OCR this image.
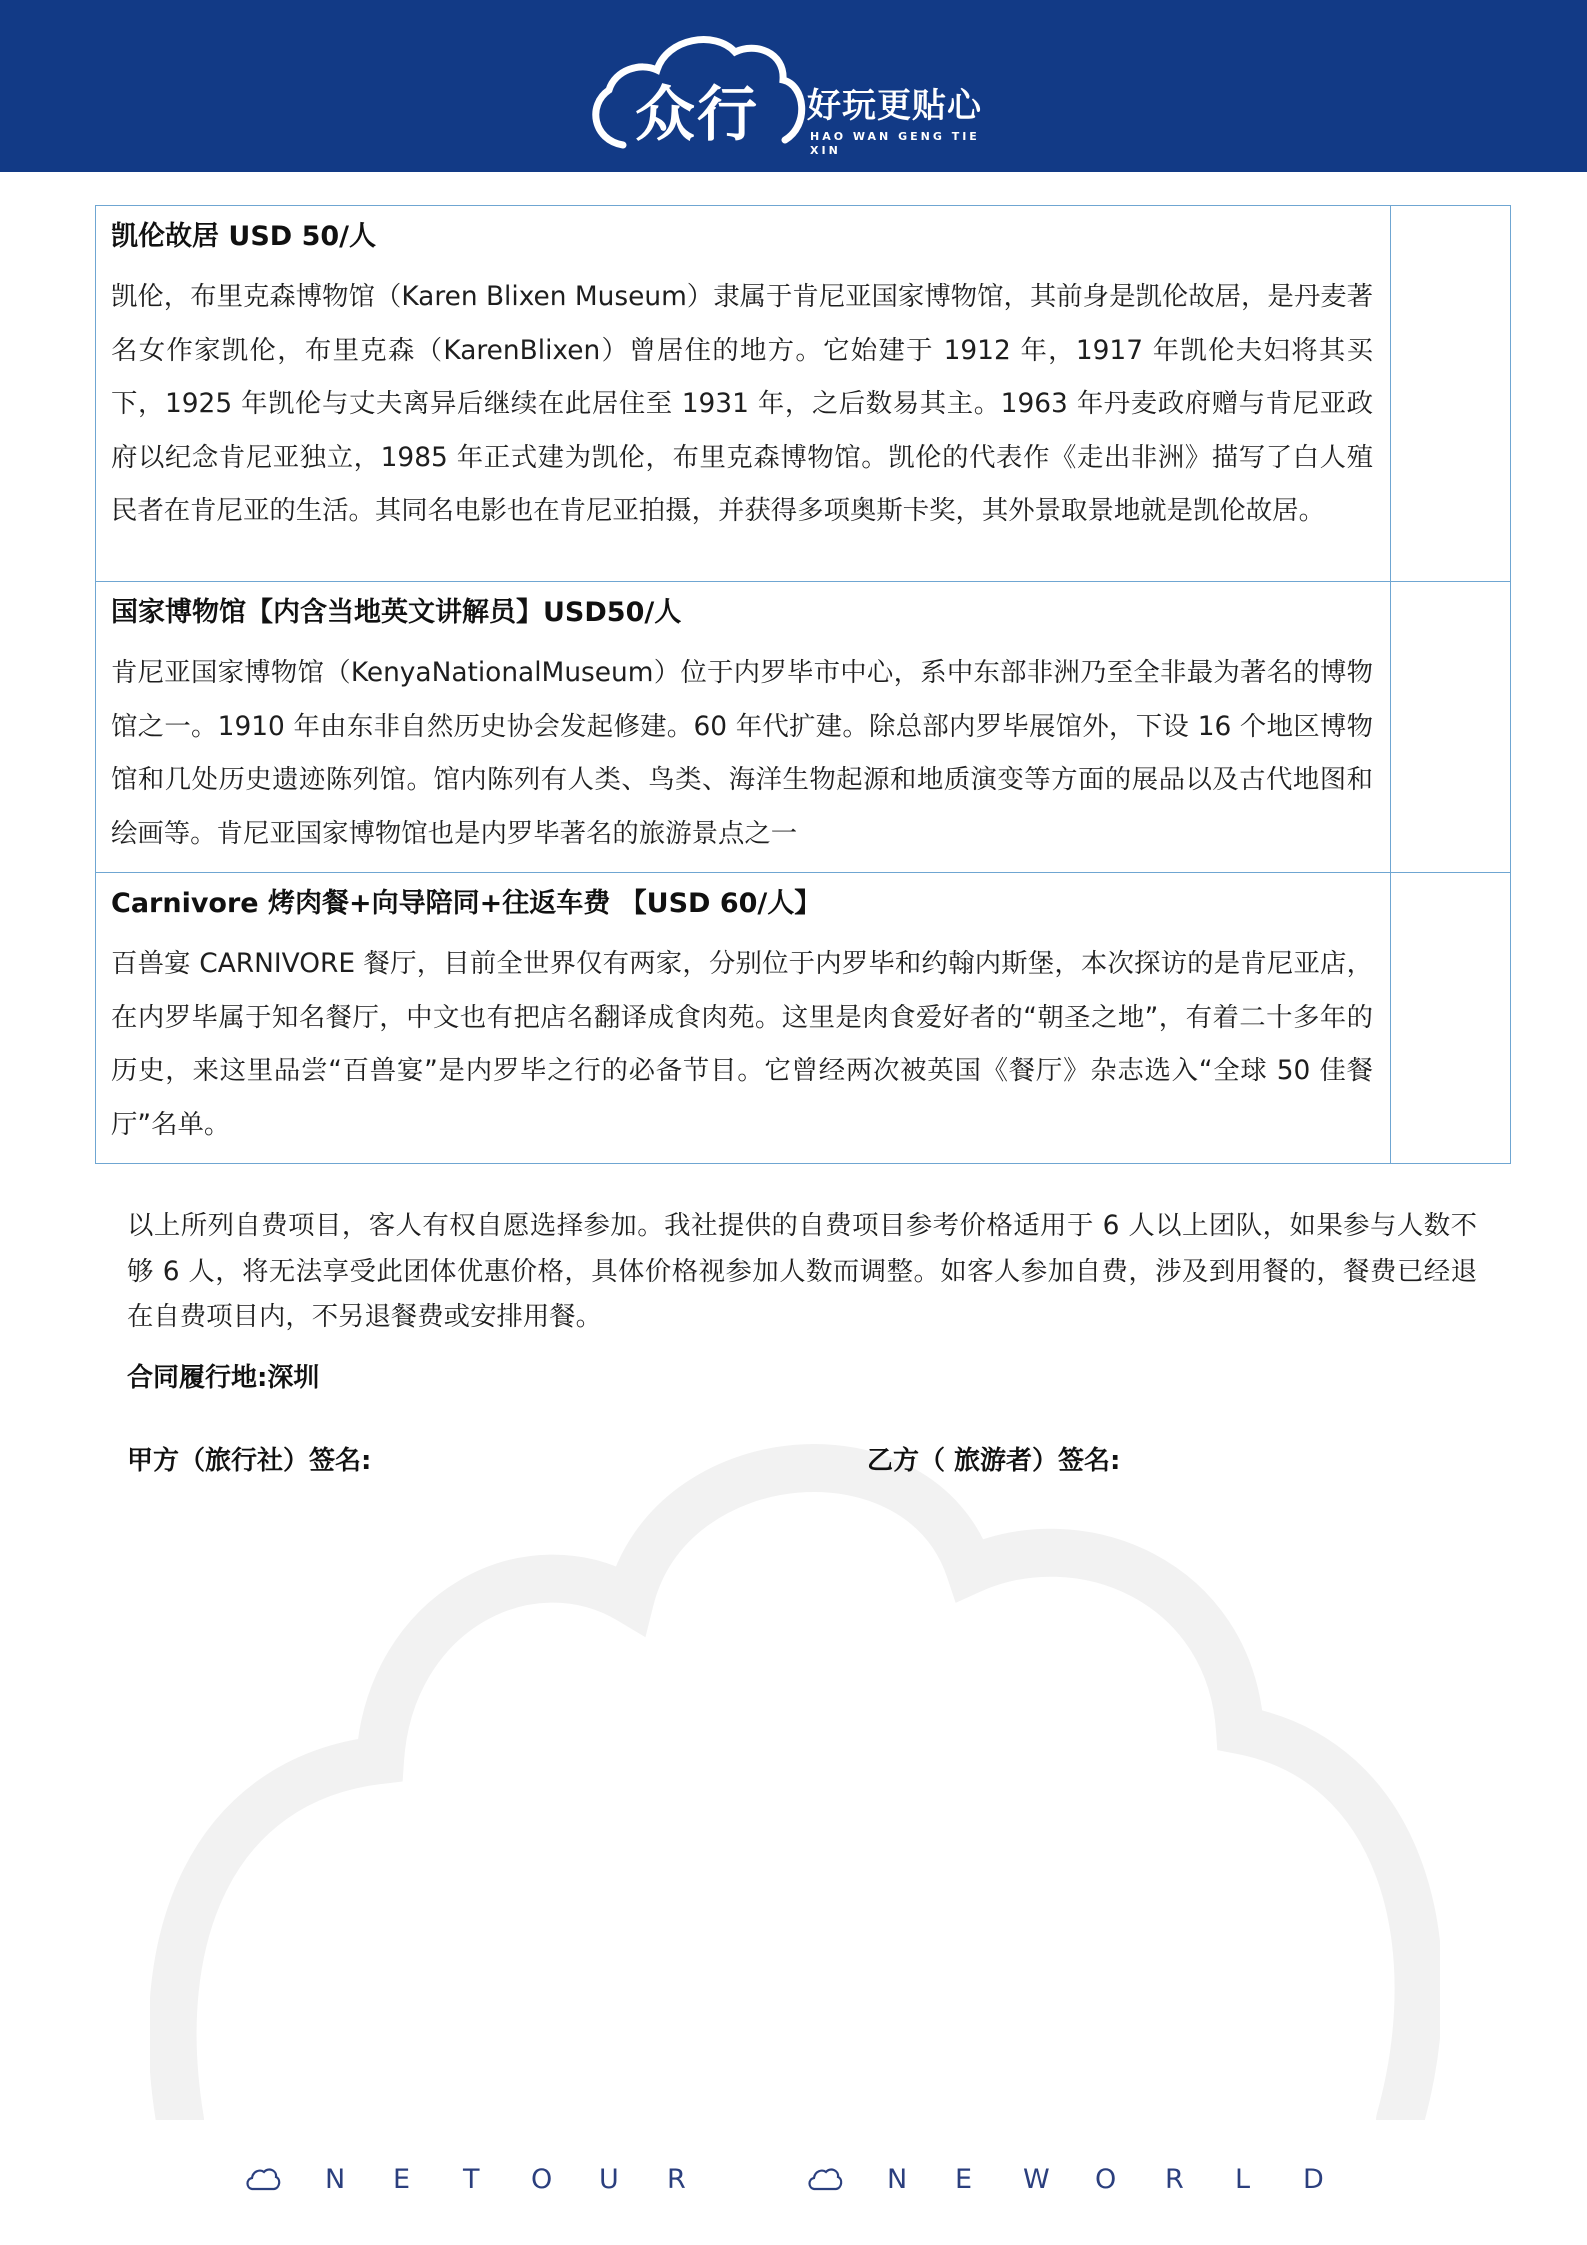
众行 好玩更贴心
HAO WAN GENG TIE XIN
凯伦故居 USD 50/人
凯伦，布里克森博物馆（Karen Blixen Museum）隶属于肯尼亚国家博物馆，其前身是凯伦故居，是丹麦著名女作家凯伦，布里克森（KarenBlixen）曾居住的地方。它始建于 1912 年，1917 年凯伦夫妇将其买下，1925 年凯伦与丈夫离异后继续在此居住至 1931 年，之后数易其主。1963 年丹麦政府赠与肯尼亚政府以纪念肯尼亚独立，1985 年正式建为凯伦，布里克森博物馆。凯伦的代表作《走出非洲》描写了白人殖民者在肯尼亚的生活。其同名电影也在肯尼亚拍摄，并获得多项奥斯卡奖，其外景取景地就是凯伦故居。	

国家博物馆【内含当地英文讲解员】USD50/人
肯尼亚国家博物馆（KenyaNationalMuseum）位于内罗毕市中心，系中东部非洲乃至全非最为著名的博物馆之一。1910 年由东非自然历史协会发起修建。60 年代扩建。除总部内罗毕展馆外，下设 16 个地区博物馆和几处历史遗迹陈列馆。馆内陈列有人类、鸟类、海洋生物起源和地质演变等方面的展品以及古代地图和绘画等。肯尼亚国家博物馆也是内罗毕著名的旅游景点之一	

Carnivore 烤肉餐+向导陪同+往返车费 【USD 60/人】
百兽宴 CARNIVORE 餐厅，目前全世界仅有两家，分别位于内罗毕和约翰内斯堡，本次探访的是肯尼亚店，在内罗毕属于知名餐厅，中文也有把店名翻译成食肉苑。这里是肉食爱好者的“朝圣之地”，有着二十多年的历史，来这里品尝“百兽宴”是内罗毕之行的必备节目。它曾经两次被英国《餐厅》杂志选入“全球 50 佳餐厅”名单。	

以上所列自费项目，客人有权自愿选择参加。我社提供的自费项目参考价格适用于 6 人以上团队，如果参与人数不够 6 人，将无法享受此团体优惠价格，具体价格视参加人数而调整。如客人参加自费，涉及到用餐的，餐费已经退在自费项目内，不另退餐费或安排用餐。
合同履行地:深圳
甲方（旅行社）签名:	乙方（ 旅游者）签名:
N E T O U R	N E W O R L D
